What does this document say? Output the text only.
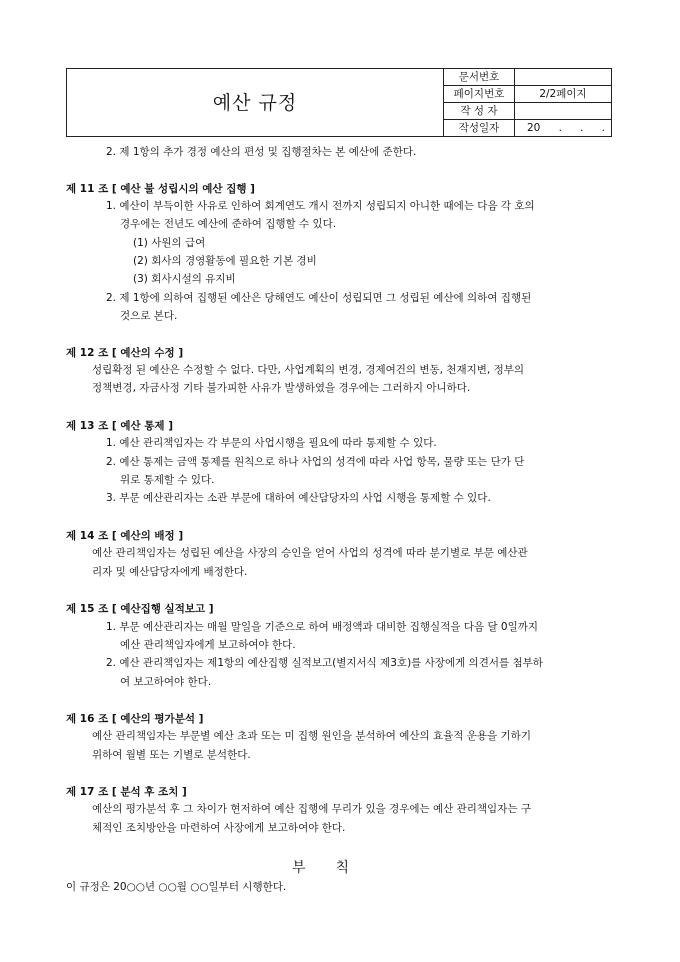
예산 규정	문서번호	
	페이지번호	2/2페이지
	작 성 자	
	작성일자	20 . . .
2. 제 1항의 추가 경정 예산의 편성 및 집행절차는 본 예산에 준한다.
제 11 조 [ 예산 불 성립시의 예산 집행 ]
1. 예산이 부득이한 사유로 인하여 회계연도 개시 전까지 성립되지 아니한 때에는 다음 각 호의
경우에는 전년도 예산에 준하여 집행할 수 있다.
(1) 사원의 급여
(2) 회사의 경영활동에 필요한 기본 경비
(3) 회사시설의 유지비
2. 제 1항에 의하여 집행된 예산은 당해연도 예산이 성립되면 그 성립된 예산에 의하여 집행된
것으로 본다.
제 12 조 [ 예산의 수정 ]
성립확정 된 예산은 수정할 수 없다. 다만, 사업계획의 변경, 경제여건의 변동, 천재지변, 정부의
정책변경, 자금사정 기타 불가피한 사유가 발생하였을 경우에는 그러하지 아니하다.
제 13 조 [ 예산 통제 ]
1. 예산 관리책임자는 각 부문의 사업시행을 필요에 따라 통제할 수 있다.
2. 예산 통제는 금액 통제를 원칙으로 하나 사업의 성격에 따라 사업 항목, 물량 또는 단가 단
위로 통제할 수 있다.
3. 부문 예산관리자는 소관 부문에 대하여 예산담당자의 사업 시행을 통제할 수 있다.
제 14 조 [ 예산의 배정 ]
예산 관리책임자는 성립된 예산을 사장의 승인을 얻어 사업의 성격에 따라 분기별로 부문 예산관
리자 및 예산담당자에게 배정한다.
제 15 조 [ 예산집행 실적보고 ]
1. 부문 예산관리자는 매월 말일을 기준으로 하여 배정액과 대비한 집행실적을 다음 달 0일까지
예산 관리책임자에게 보고하여야 한다.
2. 예산 관리책임자는 제1항의 예산집행 실적보고(별지서식 제3호)를 사장에게 의견서를 첨부하
여 보고하여야 한다.
제 16 조 [ 예산의 평가분석 ]
예산 관리책임자는 부문별 예산 초과 또는 미 집행 원인을 분석하여 예산의 효율적 운용을 기하기
위하여 월별 또는 기별로 분석한다.
제 17 조 [ 분석 후 조치 ]
예산의 평가분석 후 그 차이가 현저하여 예산 집행에 무리가 있을 경우에는 예산 관리책임자는 구
체적인 조치방안을 마련하여 사장에게 보고하여야 한다.
부칙
이 규정은 20○○년 ○○월 ○○일부터 시행한다.
